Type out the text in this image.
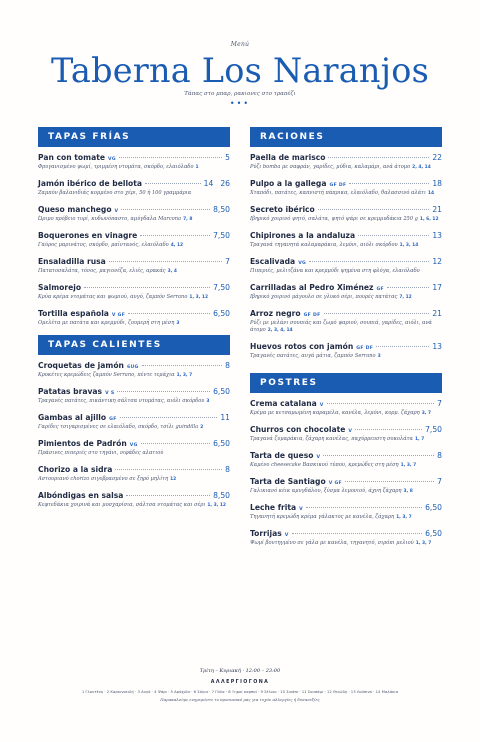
Menú
Taberna Los Naranjos
Τάπας στο μπαρ, ρακιονες στο τραπέζι
•••
TAPAS FRÍAS
Pan con tomate VG	5
Φρυγανισμένο ψωμί, τριμμένη ντομάτα, σκόρδο, ελαιόλαδο 1
Jamón ibérico de bellota	14 26
Ζαμπόν βαλανιδιάς κομμένο στο χέρι, 50 ή 100 γραμμάρια
Queso manchego V	8,50
Ώριμο πρόβειο τυρί, κυδωνόπαστο, αμύγδαλα Marcona 7, 8
Boquerones en vinagre	7,50
Γαύρος μαρινάτος, σκόρδο, μαϊντανός, ελαιόλαδο 4, 12
Ensaladilla rusa	7
Πατατοσαλάτα, τόνος, μαγιονέζα, ελιές, αρακάς 3, 4
Salmorejo	7,50
Κρύα κρέμα ντομάτας και ψωμιού, αυγό, ζαμπόν Serrano 1, 3, 12
Tortilla española V GF	6,50
Ομελέτα με πατάτα και κρεμμύδι, ζουμερή στη μέση 3
TAPAS CALIENTES
Croquetas de jamón 6UG	8
Κροκέτες κρεμώδεις ζαμπόν Serrano, πέντε τεμάχια 1, 3, 7
Patatas bravas V S	6,50
Τραγανές πατάτες, πικάντικη σάλτσα ντομάτας, αιόλι σκόρδου 3
Gambas al ajillo GF	11
Γαρίδες τσιγαρισμένες σε ελαιόλαδο, σκόρδο, τσίλι guindilla 2
Pimientos de Padrón VG	6,50
Πράσινες πιπεριές στο τηγάνι, νιφάδες αλατιού
Chorizo a la sidra	8
Αστουριανό chorizo σιγοβρασμένο σε ξηρό μηλίτη 12
Albóndigas en salsa	8,50
Κεφτεδάκια χοιρινά και μοσχαρίσια, σάλτσα ντομάτας και σέρι 1, 3, 12
RACIONES
Paella de marisco	22
Ρύζι bomba με σαφράν, γαρίδες, μύδια, καλαμάρι, ανά άτομο 2, 4, 14
Pulpo a la gallega GF DF	18
Χταπόδι, πατάτες, καπνιστή πάπρικα, ελαιόλαδο, θαλασσινό αλάτι 14
Secreto ibérico	21
Ιβηρικό χοιρινό ψητό, σαλάτα, ψητό ψάρι σε κρεμμυδάκια 250 g 1, 6, 12
Chipirones a la andaluza	13
Τραγανά τηγανητά καλαμαράκια, λεμόνι, αιόλι σκόρδου 1, 3, 14
Escalivada VG	12
Πιπεριές, μελιτζάνα και κρεμμύδι ψημένα στη φλόγα, ελαιόλαδο
Carrilladas al Pedro Ximénez GF	17
Ιβηρικό χοιρινό μάγουλο σε γλυκό σέρι, πουρές πατάτας 7, 12
Arroz negro GF DF	21
Ρύζι με μελάνι σουπιάς και ζωμό ψαριού, σουπιά, γαρίδες, αιόλι, ανά άτομο 2, 3, 4, 14
Huevos rotos con jamón GF DF	13
Τραγανές πατάτες, αυγά μάτια, ζαμπόν Serrano 3
POSTRES
Crema catalana V	7
Κρέμα με κετσαμωμένη καραμέλα, κανέλα, λεμόνι, κορμ. ζάχαρη 3, 7
Churros con chocolate V	7,50
Τραγανά ζυμαράκια, ζάχαρη κανέλας, παχύρρευστη σοκολάτα 1, 7
Tarta de queso V	8
Καμένο cheesecake Βασκικού τύπου, κρεμώδες στη μέση 1, 3, 7
Tarta de Santiago V GF	7
Γαλικιανό κέικ αμυγδάλου, ξύσμα λεμονιού, άχνη ζάχαρη 3, 8
Leche frita V	6,50
Τηγανητή κρεμώδη κρέμα γάλακτος με κανέλα, ζάχαρη 1, 3, 7
Torrijas V	6,50
Ψωμί βουτηγμένο σε γάλα με κανέλα, τηγανητό, σιρόπι μελιού 1, 3, 7
Τρίτη – Κυριακή · 12:00 – 23:00
ΑΛΛΕΡΓΙΟΓΟΝΑ
1 Γλουτένη · 2 Καρκινοειδή · 3 Αυγό · 4 Ψάρι · 5 Αράχιδα · 6 Σόγια · 7 Γάλα · 8 Ξηροί καρποί · 9 Σέλινο · 10 Σινάπι · 11 Σουσάμι · 12 Θειώδη · 13 Λούπινο · 14 Μαλάκια
Παρακαλούμε ενημερώστε το προσωπικό μας για τυχόν αλλεργίες ή δυσανεξίες
